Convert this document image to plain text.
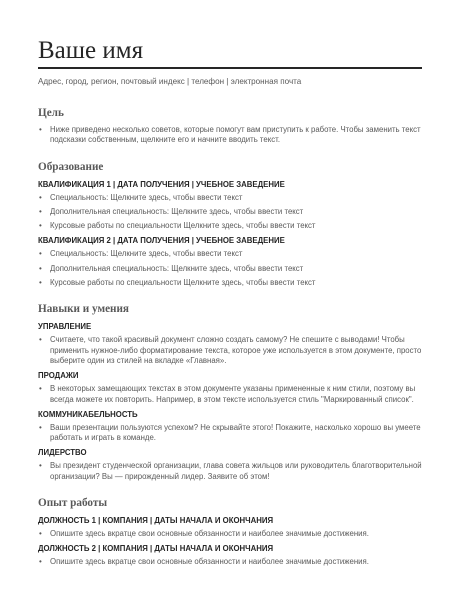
Ваше имя
Адрес, город, регион, почтовый индекс | телефон | электронная почта
Цель
• Ниже приведено несколько советов, которые помогут вам приступить к работе. Чтобы заменить текст подсказки собственным, щелкните его и начните вводить текст.
Образование
КВАЛИФИКАЦИЯ 1 | ДАТА ПОЛУЧЕНИЯ | УЧЕБНОЕ ЗАВЕДЕНИЕ
• Специальность: Щелкните здесь, чтобы ввести текст
• Дополнительная специальность: Щелкните здесь, чтобы ввести текст
• Курсовые работы по специальности Щелкните здесь, чтобы ввести текст
КВАЛИФИКАЦИЯ 2 | ДАТА ПОЛУЧЕНИЯ | УЧЕБНОЕ ЗАВЕДЕНИЕ
• Специальность: Щелкните здесь, чтобы ввести текст
• Дополнительная специальность: Щелкните здесь, чтобы ввести текст
• Курсовые работы по специальности Щелкните здесь, чтобы ввести текст
Навыки и умения
УПРАВЛЕНИЕ
• Считаете, что такой красивый документ сложно создать самому? Не спешите с выводами! Чтобы применить нужное-либо форматирование текста, которое уже используется в этом документе, просто выберите один из стилей на вкладке «Главная».
ПРОДАЖИ
• В некоторых замещающих текстах в этом документе указаны примененные к ним стили, поэтому вы всегда можете их повторить. Например, в этом тексте используется стиль "Маркированный список".
КОММУНИКАБЕЛЬНОСТЬ
• Ваши презентации пользуются успехом? Не скрывайте этого! Покажите, насколько хорошо вы умеете работать и играть в команде.
ЛИДЕРСТВО
• Вы президент студенческой организации, глава совета жильцов или руководитель благотворительной организации? Вы — прирожденный лидер. Заявите об этом!
Опыт работы
ДОЛЖНОСТЬ 1 | КОМПАНИЯ | ДАТЫ НАЧАЛА И ОКОНЧАНИЯ
• Опишите здесь вкратце свои основные обязанности и наиболее значимые достижения.
ДОЛЖНОСТЬ 2 | КОМПАНИЯ | ДАТЫ НАЧАЛА И ОКОНЧАНИЯ
• Опишите здесь вкратце свои основные обязанности и наиболее значимые достижения.
